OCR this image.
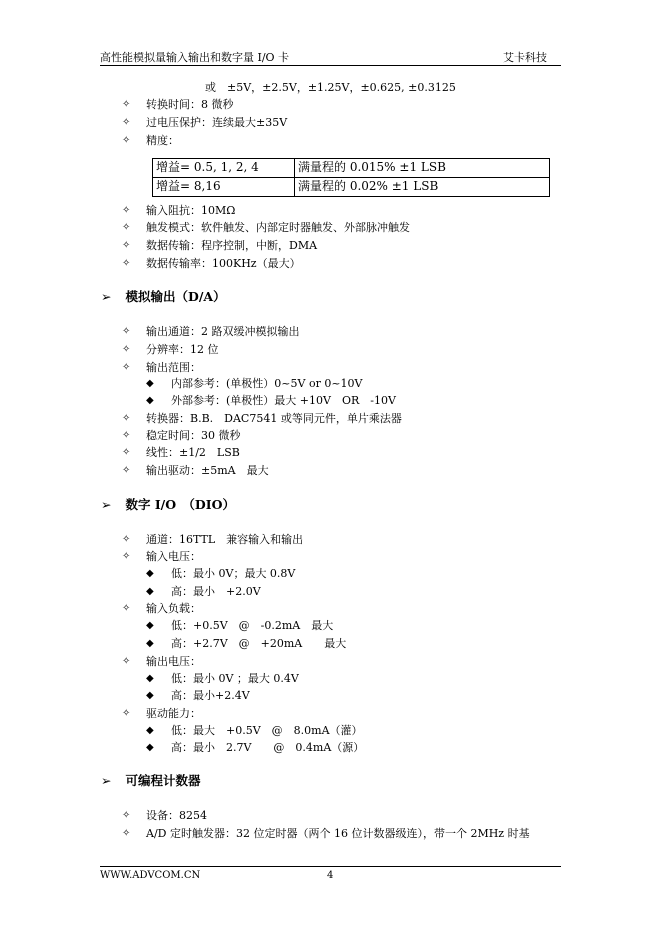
高性能模拟量输入输出和数字量 I/O 卡	艾卡科技
或　±5V，±2.5V，±1.25V，±0.625, ±0.3125
✧ 转换时间：8 微秒
✧ 过电压保护：连续最大±35V
✧ 精度：
增益= 0.5, 1, 2, 4	满量程的 0.015% ±1 LSB
增益= 8,16	满量程的 0.02% ±1 LSB
✧ 输入阻抗：10MΩ
✧ 触发模式：软件触发、内部定时器触发、外部脉冲触发
✧ 数据传输：程序控制，中断，DMA
✧ 数据传输率：100KHz（最大）
➢ 模拟输出（D/A）
✧ 输出通道：2 路双缓冲模拟输出
✧ 分辨率：12 位
✧ 输出范围：
◆ 内部参考：(单极性）0~5V or 0~10V
◆ 外部参考：(单极性）最大 +10V　OR　-10V
✧ 转换器：B.B.　DAC7541 或等同元件，单片乘法器
✧ 稳定时间：30 微秒
✧ 线性：±1/2　LSB
✧ 输出驱动：±5mA　最大
➢ 数字 I/O　（DIO）
✧ 通道：16TTL　兼容输入和输出
✧ 输入电压：
◆ 低：最小 0V；最大 0.8V
◆ 高：最小　+2.0V
✧ 输入负载：
◆ 低：+0.5V　@　-0.2mA　最大
◆ 高：+2.7V　@　+20mA　　最大
✧ 输出电压：
◆ 低：最小 0V ；最大 0.4V
◆ 高：最小+2.4V
✧ 驱动能力：
◆ 低：最大　+0.5V　@　8.0mA（灌）
◆ 高：最小　2.7V　　@　0.4mA（源）
➢ 可编程计数器
✧ 设备：8254
✧ A/D 定时触发器：32 位定时器（两个 16 位计数器级连），带一个 2MHz 时基
WWW.ADVCOM.CN	4
